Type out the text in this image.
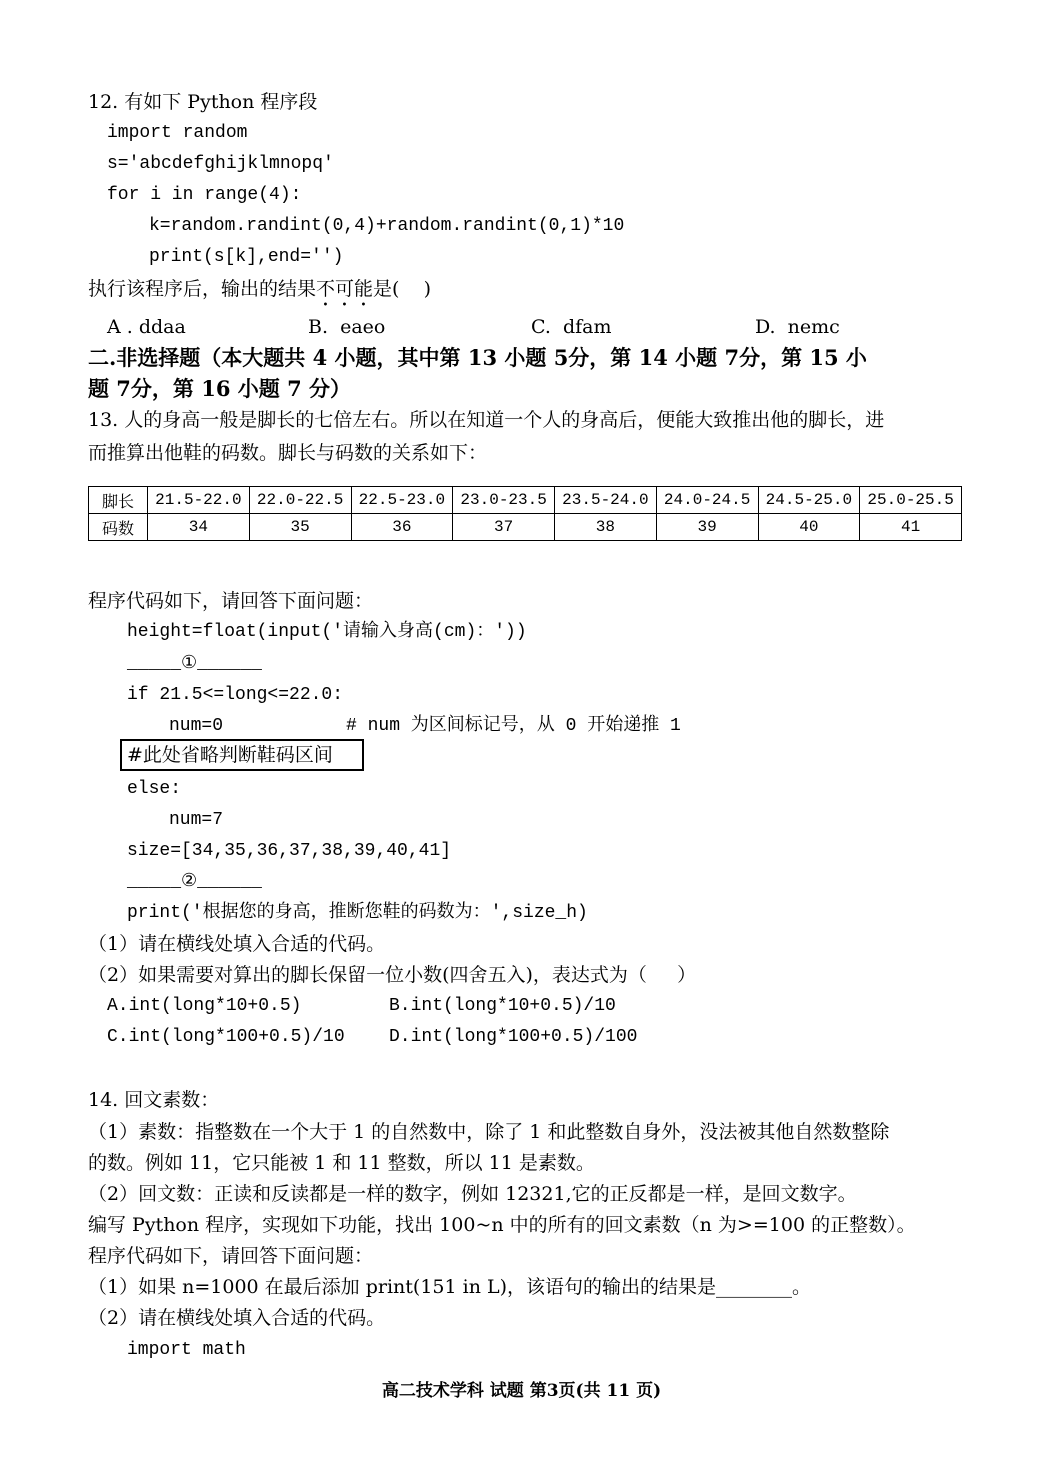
12. 有如下 Python 程序段
import random
s='abcdefghijklmnopq'
for i in range(4):
k=random.randint(0,4)+random.randint(0,1)*10
print(s[k],end='')
执行该程序后，输出的结果不可能是(    )
A . ddaa	B.  eaeo	C.  dfam	D.  nemc
二.非选择题（本大题共 4 小题，其中第 13 小题 5分，第 14 小题 7分，第 15 小
题 7分，第 16 小题 7 分）
13. 人的身高一般是脚长的七倍左右。所以在知道一个人的身高后，便能大致推出他的脚长，进
而推算出他鞋的码数。脚长与码数的关系如下：
脚长	21.5-22.0	22.0-22.5	22.5-23.0	23.0-23.5	23.5-24.0	24.0-24.5	24.5-25.0	25.0-25.5
码数	34	35	36	37	38	39	40	41
程序代码如下，请回答下面问题：
height=float(input('请输入身高(cm)：'))
_____①______
if 21.5<=long<=22.0:
num=0	# num 为区间标记号，从 0 开始递推 1
#此处省略判断鞋码区间
else:
num=7
size=[34,35,36,37,38,39,40,41]
_____②______
print('根据您的身高，推断您鞋的码数为：',size_h)
（1）请在横线处填入合适的代码。
（2）如果需要对算出的脚长保留一位小数(四舍五入)，表达式为（     ）
A.int(long*10+0.5)	B.int(long*10+0.5)/10
C.int(long*100+0.5)/10 D.int(long*100+0.5)/100
14. 回文素数：
（1）素数：指整数在一个大于 1 的自然数中，除了 1 和此整数自身外，没法被其他自然数整除
的数。例如 11，它只能被 1 和 11 整数，所以 11 是素数。
（2）回文数：正读和反读都是一样的数字，例如 12321,它的正反都是一样，是回文数字。
编写 Python 程序，实现如下功能，找出 100~n 中的所有的回文素数（n 为>=100 的正整数）。
程序代码如下，请回答下面问题：
（1）如果 n=1000 在最后添加 print(151 in L)，该语句的输出的结果是________。
（2）请在横线处填入合适的代码。
import math
高二技术学科 试题 第3页(共 11 页)
